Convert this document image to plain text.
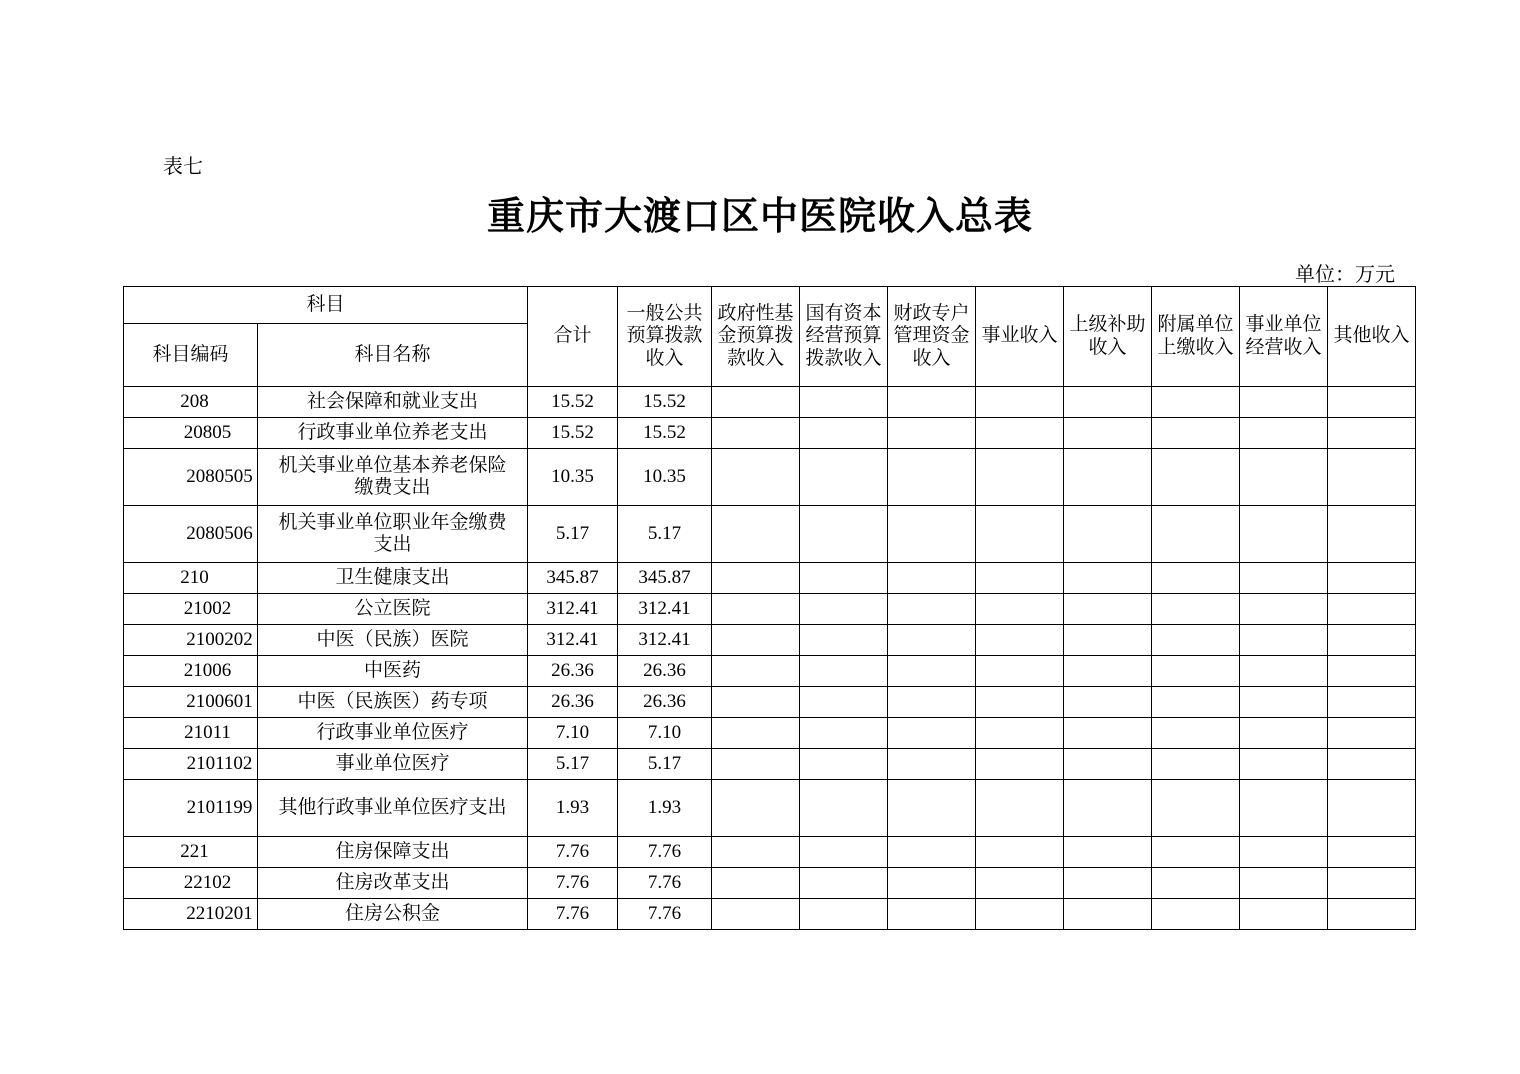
表七
重庆市大渡口区中医院收入总表
单位：万元
科目		合计	一般公共预算拨款收入	政府性基金预算拨款收入	国有资本经营预算拨款收入	财政专户管理资金收入	事业收入	上级补助收入	附属单位上缴收入	事业单位经营收入	其他收入
科目编码	科目名称										
208	社会保障和就业支出	15.52	15.52								
20805	行政事业单位养老支出	15.52	15.52								
2080505	机关事业单位基本养老保险缴费支出	10.35	10.35								
2080506	机关事业单位职业年金缴费支出	5.17	5.17								
210	卫生健康支出	345.87	345.87								
21002	公立医院	312.41	312.41								
2100202	中医（民族）医院	312.41	312.41								
21006	中医药	26.36	26.36								
2100601	中医（民族医）药专项	26.36	26.36								
21011	行政事业单位医疗	7.10	7.10								
2101102	事业单位医疗	5.17	5.17								
2101199	其他行政事业单位医疗支出	1.93	1.93								
221	住房保障支出	7.76	7.76								
22102	住房改革支出	7.76	7.76								
2210201	住房公积金	7.76	7.76								
